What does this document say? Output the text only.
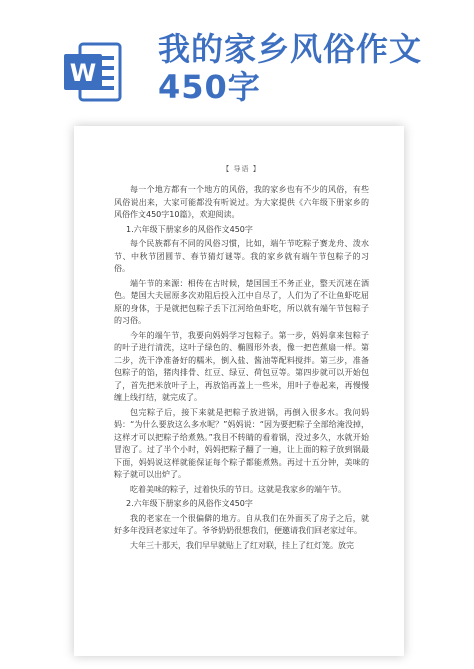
W
我的家乡风俗作文450字
【 导语 】

每一个地方都有一个地方的风俗，我的家乡也有不少的风俗，有些风俗说出来，大家可能都没有听说过。为大家提供《六年级下册家乡的风俗作文450字10篇》，欢迎阅读。

1.六年级下册家乡的风俗作文450字

每个民族都有不同的风俗习惯，比如，端午节吃粽子赛龙舟、泼水节、中秋节团圆节、春节猜灯谜等。我的家乡就有端午节包粽子的习俗。

端午节的来源：相传在古时候，楚国国王不务正业，整天沉迷在酒色。楚国大夫屈原多次劝阻后投入江中自尽了，人们为了不让鱼虾吃屈原的身体，于是就把包粽子丢下江河给鱼虾吃，所以就有端午节包粽子的习俗。

今年的端午节，我要向妈妈学习包粽子。第一步，妈妈拿来包粽子的叶子进行清洗，这叶子绿色的、椭圆形外表，像一把芭蕉扇一样。第二步，洗干净准备好的糯米，倒入盐、酱油等配料搅拌。第三步，准备包粽子的馅，猪肉排骨、红豆、绿豆、荷包豆等。第四步就可以开始包了，首先把米放叶子上，再放馅再盖上一些米，用叶子卷起来，再慢慢缠上线打结，就完成了。

包完粽子后，接下来就是把粽子放进锅，再倒入很多水。我问妈妈：“为什么要放这么多水呢？”妈妈说：“因为要把粽子全部给淹没掉，这样才可以把粽子给煮熟。”我目不转睛的看着锅，没过多久，水就开始冒泡了。过了半个小时，妈妈把粽子翻了一遍，让上面的粽子放到锅最下面，妈妈说这样就能保证每个粽子都能煮熟。再过十五分钟，美味的粽子就可以出炉了。

吃着美味的粽子，过着快乐的节日。这就是我家乡的端午节。

2.六年级下册家乡的风俗作文450字

我的老家在一个很偏僻的地方。自从我们在外面买了房子之后，就好多年没回老家过年了。爷爷奶奶很想我们，便邀请我们回老家过年。

大年三十那天，我们早早就贴上了红对联，挂上了红灯笼。放完
